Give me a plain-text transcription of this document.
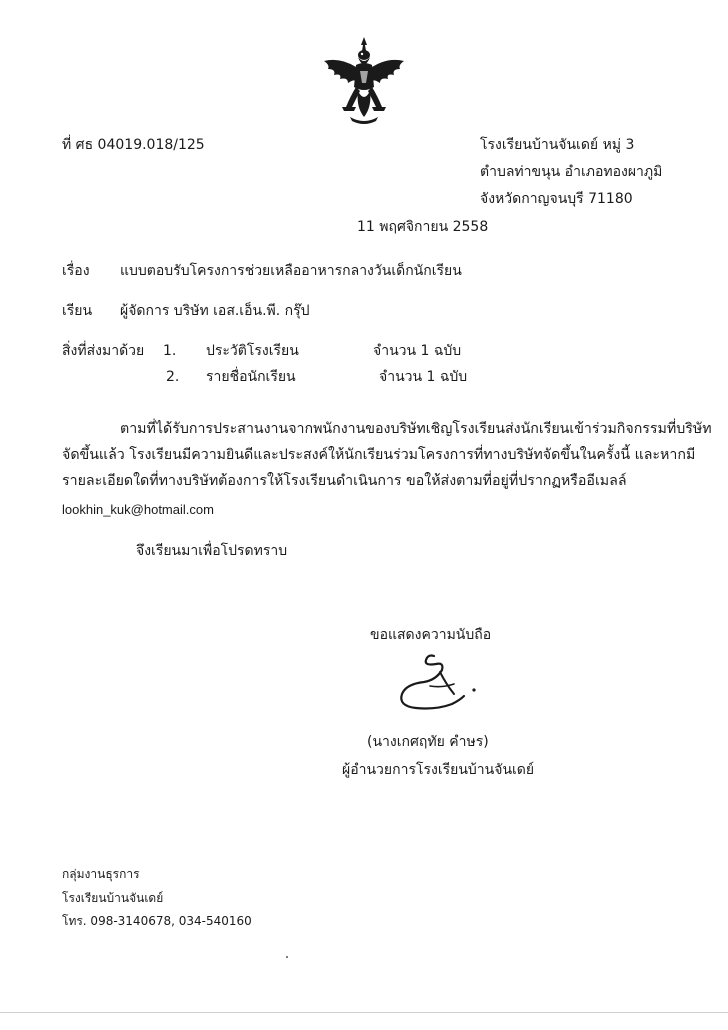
ที่ ศธ 04019.018/125	โรงเรียนบ้านจันเดย์ หมู่ 3
ตำบลท่าขนุน อำเภอทองผาภูมิ
จังหวัดกาญจนบุรี 71180
11 พฤศจิกายน 2558
เรื่อง แบบตอบรับโครงการช่วยเหลืออาหารกลางวันเด็กนักเรียน
เรียน ผู้จัดการ บริษัท เอส.เอ็น.พี. กรุ๊ป
สิ่งที่ส่งมาด้วย 1. ประวัติโรงเรียน	จำนวน 1 ฉบับ
2. รายชื่อนักเรียน	จำนวน 1 ฉบับ
ตามที่ได้รับการประสานงานจากพนักงานของบริษัทเชิญโรงเรียนส่งนักเรียนเข้าร่วมกิจกรรมที่บริษัท
จัดขึ้นแล้ว โรงเรียนมีความยินดีและประสงค์ให้นักเรียนร่วมโครงการที่ทางบริษัทจัดขึ้นในครั้งนี้ และหากมี
รายละเอียดใดที่ทางบริษัทต้องการให้โรงเรียนดำเนินการ ขอให้ส่งตามที่อยู่ที่ปรากฏหรืออีเมลล์
lookhin_kuk@hotmail.com
จึงเรียนมาเพื่อโปรดทราบ
ขอแสดงความนับถือ
(นางเกศฤทัย คำษร)
ผู้อำนวยการโรงเรียนบ้านจันเดย์
กลุ่มงานธุรการ
โรงเรียนบ้านจันเดย์
โทร. 098-3140678, 034-540160
